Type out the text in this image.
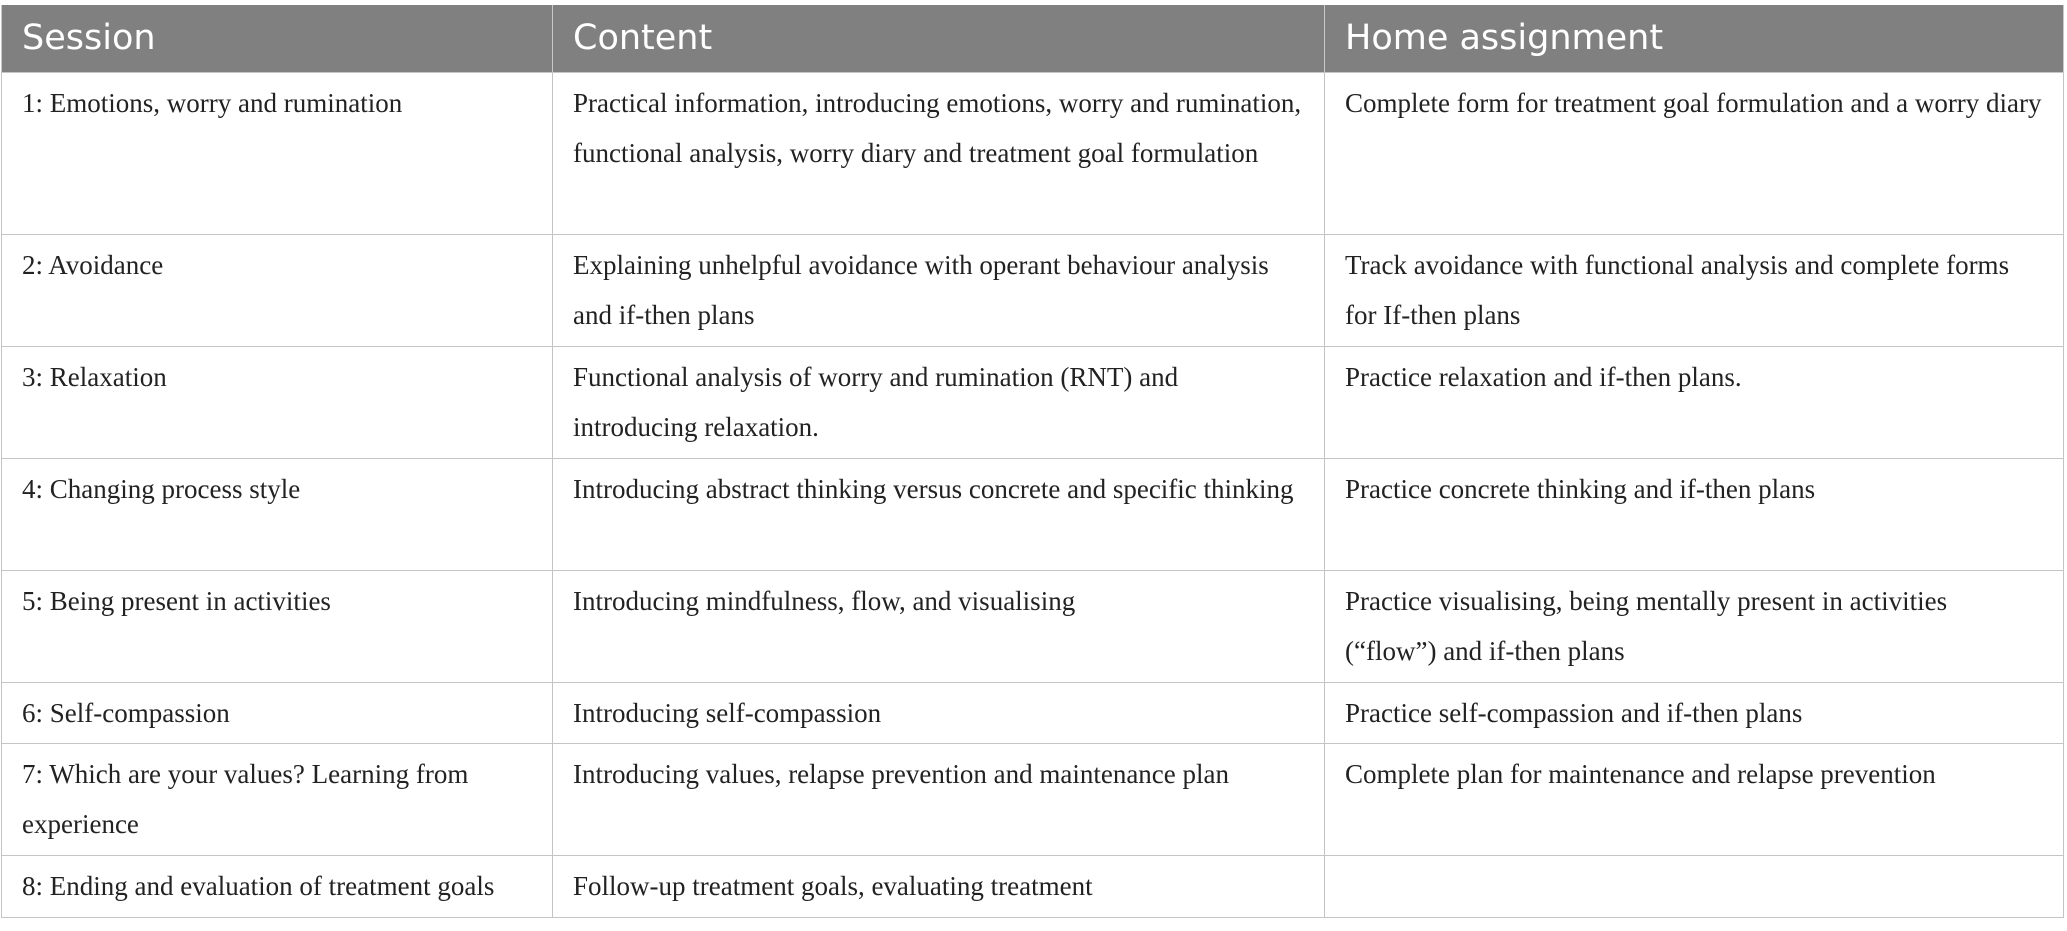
Session	Content	Home assignment
1: Emotions, worry and rumination	Practical information, introducing emotions, worry and rumination, functional analysis, worry diary and treatment goal formulation	Complete form for treatment goal formulation and a worry diary
2: Avoidance	Explaining unhelpful avoidance with operant behaviour analysis and if-then plans	Track avoidance with functional analysis and complete forms for If-then plans
3: Relaxation	Functional analysis of worry and rumination (RNT) and introducing relaxation.	Practice relaxation and if-then plans.
4: Changing process style	Introducing abstract thinking versus concrete and specific thinking	Practice concrete thinking and if-then plans
5: Being present in activities	Introducing mindfulness, flow, and visualising	Practice visualising, being mentally present in activities (“flow”) and if-then plans
6: Self-compassion	Introducing self-compassion	Practice self-compassion and if-then plans
7: Which are your values? Learning from experience	Introducing values, relapse prevention and maintenance plan	Complete plan for maintenance and relapse prevention
8: Ending and evaluation of treatment goals	Follow-up treatment goals, evaluating treatment	
